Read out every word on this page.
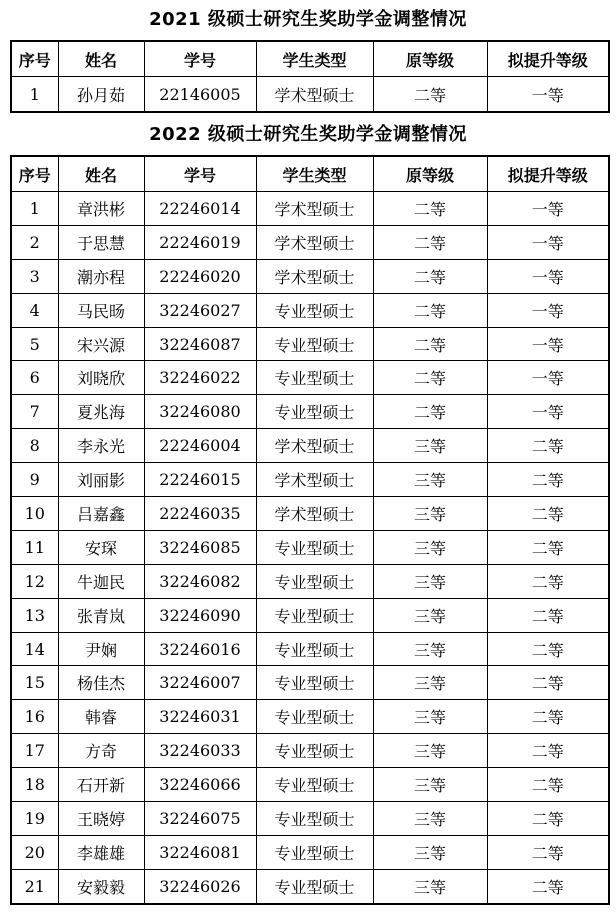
2021 级硕士研究生奖助学金调整情况
序号	姓名	学号	学生类型	原等级	拟提升等级
1	孙月茹	22146005	学术型硕士	二等	一等
2022 级硕士研究生奖助学金调整情况
序号	姓名	学号	学生类型	原等级	拟提升等级
1	章洪彬	22246014	学术型硕士	二等	一等
2	于思慧	22246019	学术型硕士	二等	一等
3	潮亦程	22246020	学术型硕士	二等	一等
4	马民旸	32246027	专业型硕士	二等	一等
5	宋兴源	32246087	专业型硕士	二等	一等
6	刘晓欣	32246022	专业型硕士	二等	一等
7	夏兆海	32246080	专业型硕士	二等	一等
8	李永光	22246004	学术型硕士	三等	二等
9	刘丽影	22246015	学术型硕士	三等	二等
10	吕嘉鑫	22246035	学术型硕士	三等	二等
11	安琛	32246085	专业型硕士	三等	二等
12	牛迦民	32246082	专业型硕士	三等	二等
13	张青岚	32246090	专业型硕士	三等	二等
14	尹娴	32246016	专业型硕士	三等	二等
15	杨佳杰	32246007	专业型硕士	三等	二等
16	韩睿	32246031	专业型硕士	三等	二等
17	方奇	32246033	专业型硕士	三等	二等
18	石开新	32246066	专业型硕士	三等	二等
19	王晓婷	32246075	专业型硕士	三等	二等
20	李雄雄	32246081	专业型硕士	三等	二等
21	安毅毅	32246026	专业型硕士	三等	二等
